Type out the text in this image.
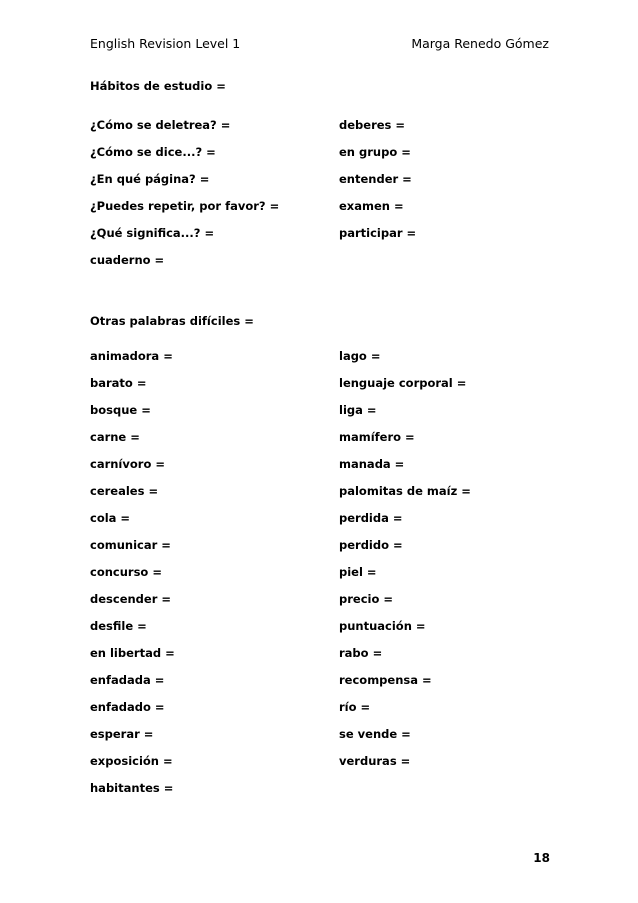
English Revision Level 1	Marga Renedo Gómez
Hábitos de estudio =
¿Cómo se deletrea? =
¿Cómo se dice...? =
¿En qué página? =
¿Puedes repetir, por favor? =
¿Qué significa...? =
cuaderno =
deberes =
en grupo =
entender =
examen =
participar =
Otras palabras difíciles =
animadora =
barato =
bosque =
carne =
carnívoro =
cereales =
cola =
comunicar =
concurso =
descender =
desfile =
en libertad =
enfadada =
enfadado =
esperar =
exposición =
habitantes =
lago =
lenguaje corporal =
liga =
mamífero =
manada =
palomitas de maíz =
perdida =
perdido =
piel =
precio =
puntuación =
rabo =
recompensa =
río =
se vende =
verduras =
18
